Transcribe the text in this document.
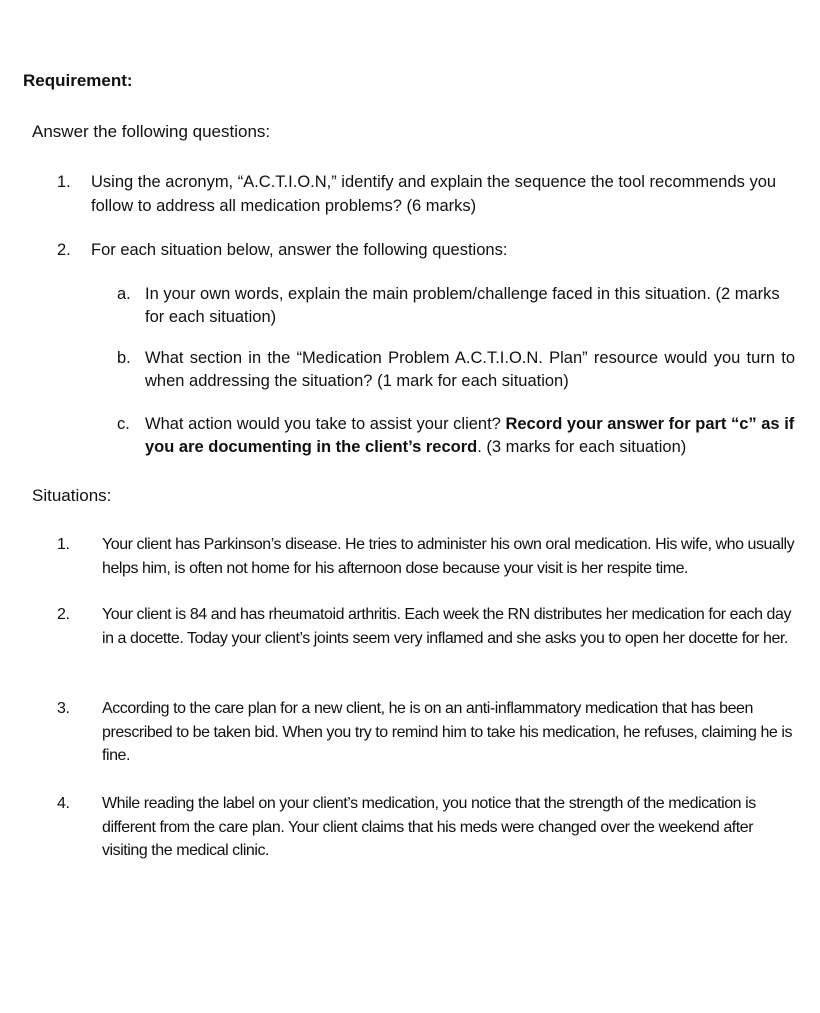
Requirement:
Answer the following questions:
1. Using the acronym, “A.C.T.I.O.N,” identify and explain the sequence the tool recommends you follow to address all medication problems? (6 marks)
2. For each situation below, answer the following questions:
a. In your own words, explain the main problem/challenge faced in this situation. (2 marks for each situation)
b. What section in the “Medication Problem A.C.T.I.O.N. Plan” resource would you turn to when addressing the situation? (1 mark for each situation)
c. What action would you take to assist your client? Record your answer for part “c” as if you are documenting in the client’s record. (3 marks for each situation)
Situations:
1. Your client has Parkinson’s disease. He tries to administer his own oral medication. His wife, who usually helps him, is often not home for his afternoon dose because your visit is her respite time.
2. Your client is 84 and has rheumatoid arthritis. Each week the RN distributes her medication for each day in a docette. Today your client’s joints seem very inflamed and she asks you to open her docette for her.
3. According to the care plan for a new client, he is on an anti-inflammatory medication that has been prescribed to be taken bid. When you try to remind him to take his medication, he refuses, claiming he is fine.
4. While reading the label on your client’s medication, you notice that the strength of the medication is different from the care plan. Your client claims that his meds were changed over the weekend after visiting the medical clinic.
